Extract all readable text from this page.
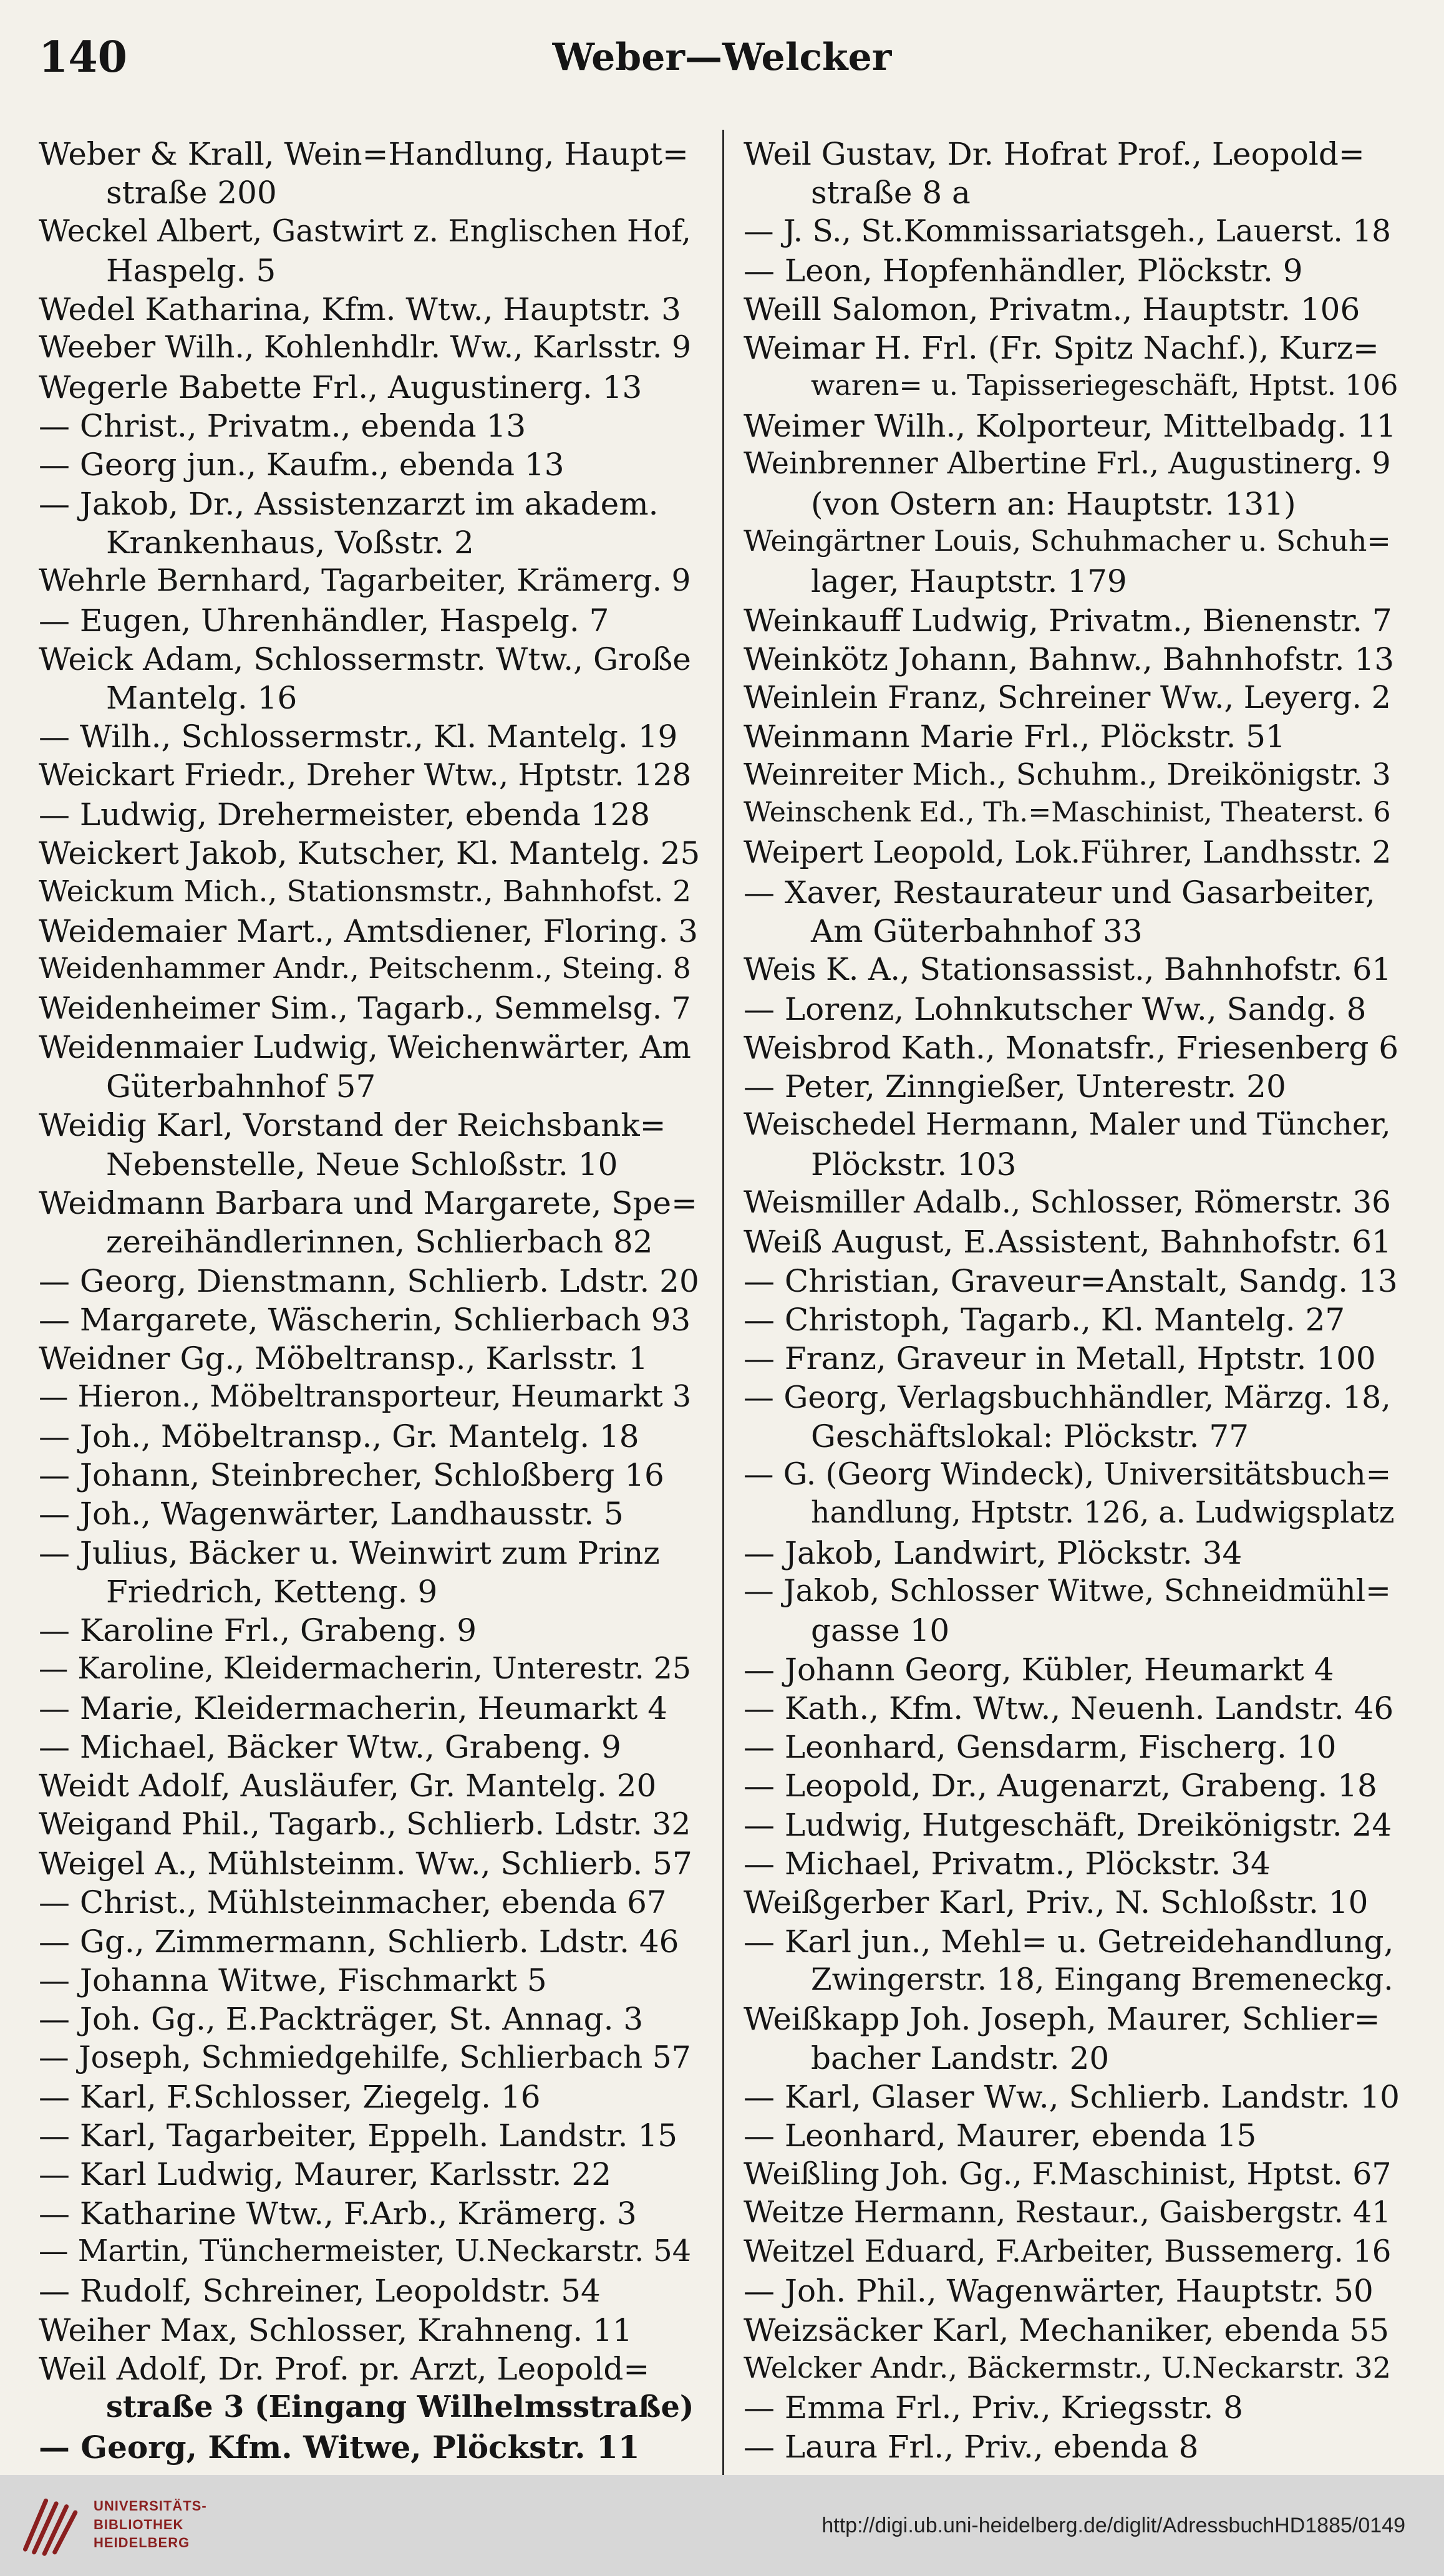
140	Weber—Welcker
Weber & Krall, Wein=Handlung, Haupt=
straße 200
Weckel Albert, Gastwirt z. Englischen Hof,
Haspelg. 5
Wedel Katharina, Kfm. Wtw., Hauptstr. 3
Weeber Wilh., Kohlenhdlr. Ww., Karlsstr. 9
Wegerle Babette Frl., Augustinerg. 13
— Christ., Privatm., ebenda 13
— Georg jun., Kaufm., ebenda 13
— Jakob, Dr., Assistenzarzt im akadem.
Krankenhaus, Voßstr. 2
Wehrle Bernhard, Tagarbeiter, Krämerg. 9
— Eugen, Uhrenhändler, Haspelg. 7
Weick Adam, Schlossermstr. Wtw., Große
Mantelg. 16
— Wilh., Schlossermstr., Kl. Mantelg. 19
Weickart Friedr., Dreher Wtw., Hptstr. 128
— Ludwig, Drehermeister, ebenda 128
Weickert Jakob, Kutscher, Kl. Mantelg. 25
Weickum Mich., Stationsmstr., Bahnhofst. 2
Weidemaier Mart., Amtsdiener, Floring. 3
Weidenhammer Andr., Peitschenm., Steing. 8
Weidenheimer Sim., Tagarb., Semmelsg. 7
Weidenmaier Ludwig, Weichenwärter, Am
Güterbahnhof 57
Weidig Karl, Vorstand der Reichsbank=
Nebenstelle, Neue Schloßstr. 10
Weidmann Barbara und Margarete, Spe=
zereihändlerinnen, Schlierbach 82
— Georg, Dienstmann, Schlierb. Ldstr. 20
— Margarete, Wäscherin, Schlierbach 93
Weidner Gg., Möbeltransp., Karlsstr. 1
— Hieron., Möbeltransporteur, Heumarkt 3
— Joh., Möbeltransp., Gr. Mantelg. 18
— Johann, Steinbrecher, Schloßberg 16
— Joh., Wagenwärter, Landhausstr. 5
— Julius, Bäcker u. Weinwirt zum Prinz
Friedrich, Ketteng. 9
— Karoline Frl., Grabeng. 9
— Karoline, Kleidermacherin, Unterestr. 25
— Marie, Kleidermacherin, Heumarkt 4
— Michael, Bäcker Wtw., Grabeng. 9
Weidt Adolf, Ausläufer, Gr. Mantelg. 20
Weigand Phil., Tagarb., Schlierb. Ldstr. 32
Weigel A., Mühlsteinm. Ww., Schlierb. 57
— Christ., Mühlsteinmacher, ebenda 67
— Gg., Zimmermann, Schlierb. Ldstr. 46
— Johanna Witwe, Fischmarkt 5
— Joh. Gg., E.Packträger, St. Annag. 3
— Joseph, Schmiedgehilfe, Schlierbach 57
— Karl, F.Schlosser, Ziegelg. 16
— Karl, Tagarbeiter, Eppelh. Landstr. 15
— Karl Ludwig, Maurer, Karlsstr. 22
— Katharine Wtw., F.Arb., Krämerg. 3
— Martin, Tünchermeister, U.Neckarstr. 54
— Rudolf, Schreiner, Leopoldstr. 54
Weiher Max, Schlosser, Krahneng. 11
Weil Adolf, Dr. Prof. pr. Arzt, Leopold=
straße 3 (Eingang Wilhelmsstraße)
— Georg, Kfm. Witwe, Plöckstr. 11
Weil Gustav, Dr. Hofrat Prof., Leopold=
straße 8 a
— J. S., St.Kommissariatsgeh., Lauerst. 18
— Leon, Hopfenhändler, Plöckstr. 9
Weill Salomon, Privatm., Hauptstr. 106
Weimar H. Frl. (Fr. Spitz Nachf.), Kurz=
waren= u. Tapisseriegeschäft, Hptst. 106
Weimer Wilh., Kolporteur, Mittelbadg. 11
Weinbrenner Albertine Frl., Augustinerg. 9
(von Ostern an: Hauptstr. 131)
Weingärtner Louis, Schuhmacher u. Schuh=
lager, Hauptstr. 179
Weinkauff Ludwig, Privatm., Bienenstr. 7
Weinkötz Johann, Bahnw., Bahnhofstr. 13
Weinlein Franz, Schreiner Ww., Leyerg. 2
Weinmann Marie Frl., Plöckstr. 51
Weinreiter Mich., Schuhm., Dreikönigstr. 3
Weinschenk Ed., Th.=Maschinist, Theaterst. 6
Weipert Leopold, Lok.Führer, Landhsstr. 2
— Xaver, Restaurateur und Gasarbeiter,
Am Güterbahnhof 33
Weis K. A., Stationsassist., Bahnhofstr. 61
— Lorenz, Lohnkutscher Ww., Sandg. 8
Weisbrod Kath., Monatsfr., Friesenberg 6
— Peter, Zinngießer, Unterestr. 20
Weischedel Hermann, Maler und Tüncher,
Plöckstr. 103
Weismiller Adalb., Schlosser, Römerstr. 36
Weiß August, E.Assistent, Bahnhofstr. 61
— Christian, Graveur=Anstalt, Sandg. 13
— Christoph, Tagarb., Kl. Mantelg. 27
— Franz, Graveur in Metall, Hptstr. 100
— Georg, Verlagsbuchhändler, Märzg. 18,
Geschäftslokal: Plöckstr. 77
— G. (Georg Windeck), Universitätsbuch=
handlung, Hptstr. 126, a. Ludwigsplatz
— Jakob, Landwirt, Plöckstr. 34
— Jakob, Schlosser Witwe, Schneidmühl=
gasse 10
— Johann Georg, Kübler, Heumarkt 4
— Kath., Kfm. Wtw., Neuenh. Landstr. 46
— Leonhard, Gensdarm, Fischerg. 10
— Leopold, Dr., Augenarzt, Grabeng. 18
— Ludwig, Hutgeschäft, Dreikönigstr. 24
— Michael, Privatm., Plöckstr. 34
Weißgerber Karl, Priv., N. Schloßstr. 10
— Karl jun., Mehl= u. Getreidehandlung,
Zwingerstr. 18, Eingang Bremeneckg.
Weißkapp Joh. Joseph, Maurer, Schlier=
bacher Landstr. 20
— Karl, Glaser Ww., Schlierb. Landstr. 10
— Leonhard, Maurer, ebenda 15
Weißling Joh. Gg., F.Maschinist, Hptst. 67
Weitze Hermann, Restaur., Gaisbergstr. 41
Weitzel Eduard, F.Arbeiter, Bussemerg. 16
— Joh. Phil., Wagenwärter, Hauptstr. 50
Weizsäcker Karl, Mechaniker, ebenda 55
Welcker Andr., Bäckermstr., U.Neckarstr. 32
— Emma Frl., Priv., Kriegsstr. 8
— Laura Frl., Priv., ebenda 8
UNIVERSITÄTS-
BIBLIOTHEK
HEIDELBERG
http://digi.ub.uni-heidelberg.de/diglit/AdressbuchHD1885/0149
